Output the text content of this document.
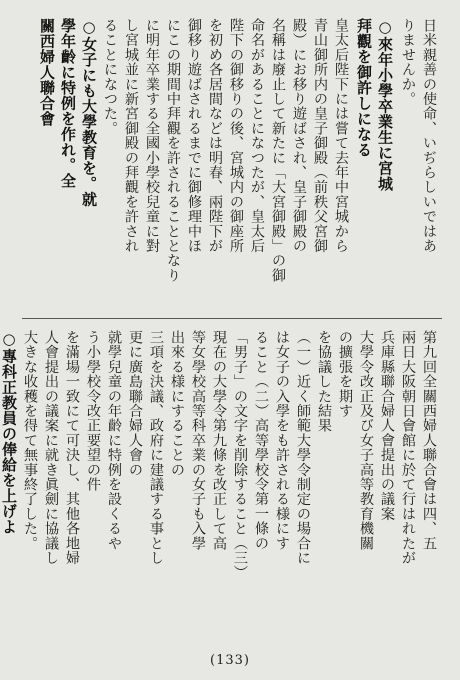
日米親善の使命、いぢらしいではあ
りませんか。
○來年小學卒業生に宮城
拜觀を御許しになる
皇太后陛下には嘗て去年中宮城から
青山御所内の皇子御殿（前秩父宮御
殿）にお移り遊ばされ、皇子御殿の
名稱は廢止して新たに「大宮御殿」の御
命名があることになつたが、皇太后
陛下の御移りの後、宮城内の御座所
を初め各居間などは明春、兩陛下が
御移り遊ばされるまでに御修理中ほ
にこの期間中拜觀を許されることとなり
に明年卒業する全國小學校兒童に對
し宮城並に新宮御殿の拜觀を許され
ることになつた。
○女子にも大學教育を。就
學年齡に特例を作れ。全
關西婦人聯合會
第九回全關西婦人聯合會は四、五
兩日大阪朝日會館に於て行はれたが
兵庫縣聯合婦人會提出の議案
大學令改正及び女子高等教育機關
の擴張を期す
を協議した結果
（一）近く師範大學令制定の場合に
は女子の入學をも許される様にす
ること（二）高等學校令第一條の
「男子」の文字を削除すること（三）
現在の大學令第九條を改正して高
等女學校高等科卒業の女子も入學
出來る様にすることの
三項を決議、政府に建議する事とし
更に廣島聯合婦人會の
就學兒童の年齡に特例を設くるや
う小學校令改正要望の件
を滿場一致にて可決し、其他各地婦
人會提出の議案に就き眞劍に協議し
大きな收穫を得て無事終了した。
○專科正教員の俸給を上げよ
(133)
